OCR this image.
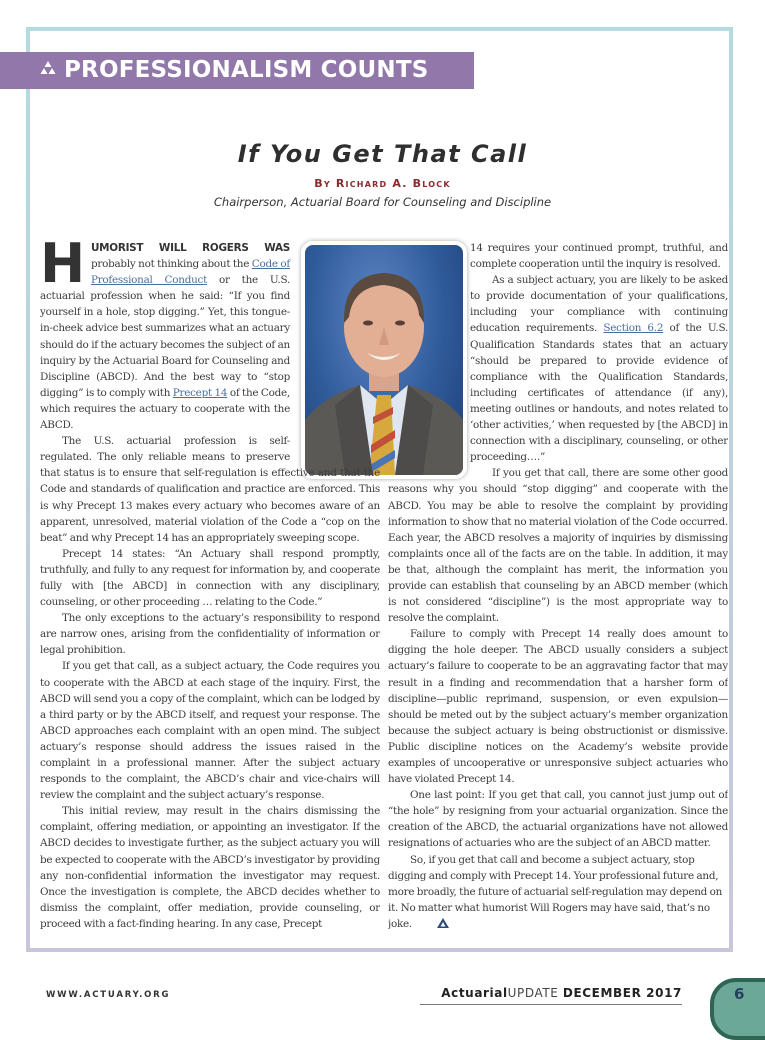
PROFESSIONALISM COUNTS
If You Get That Call
By Richard A. Block
Chairperson, Actuarial Board for Counseling and Discipline

HUMORIST WILL ROGERS WAS probably not thinking about the Code of Professional Conduct or the U.S. actuarial profession when he said: “If you find yourself in a hole, stop digging.” Yet, this tongue-in-cheek advice best summarizes what an actuary should do if the actuary becomes the subject of an inquiry by the Actuarial Board for Counseling and Discipline (ABCD). And the best way to “stop digging” is to comply with Precept 14 of the Code, which requires the actuary to cooperate with the ABCD.

The U.S. actuarial profession is self-regulated. The only reliable means to preserve that status is to ensure that self-regulation is effective and that the Code and standards of qualification and practice are enforced. This is why Precept 13 makes every actuary who becomes aware of an apparent, unresolved, material violation of the Code a “cop on the beat” and why Precept 14 has an appropriately sweeping scope.

Precept 14 states: “An Actuary shall respond promptly, truthfully, and fully to any request for information by, and cooperate fully with [the ABCD] in connection with any disciplinary, counseling, or other proceeding … relating to the Code.”

The only exceptions to the actuary’s responsibility to respond are narrow ones, arising from the confidentiality of information or legal prohibition.

If you get that call, as a subject actuary, the Code requires you to cooperate with the ABCD at each stage of the inquiry. First, the ABCD will send you a copy of the complaint, which can be lodged by a third party or by the ABCD itself, and request your response. The ABCD approaches each complaint with an open mind. The subject actuary’s response should address the issues raised in the complaint in a professional manner. After the subject actuary responds to the complaint, the ABCD’s chair and vice-chairs will review the complaint and the subject actuary’s response.

This initial review, may result in the chairs dismissing the complaint, offering mediation, or appointing an investigator. If the ABCD decides to investigate further, as the subject actuary you will be expected to cooperate with the ABCD’s investigator by providing any non-confidential information the investigator may request. Once the investigation is complete, the ABCD decides whether to dismiss the complaint, offer mediation, provide counseling, or proceed with a fact-finding hearing. In any case, Precept

14 requires your continued prompt, truthful, and complete cooperation until the inquiry is resolved.

As a subject actuary, you are likely to be asked to provide documentation of your qualifications, including your compliance with continuing education requirements. Section 6.2 of the U.S. Qualification Standards states that an actuary “should be prepared to provide evidence of compliance with the Qualification Standards, including certificates of attendance (if any), meeting outlines or handouts, and notes related to ‘other activities,’ when requested by [the ABCD] in connection with a disciplinary, counseling, or other proceeding….”

If you get that call, there are some other good reasons why you should “stop digging” and cooperate with the ABCD. You may be able to resolve the complaint by providing information to show that no material violation of the Code occurred. Each year, the ABCD resolves a majority of inquiries by dismissing complaints once all of the facts are on the table. In addition, it may be that, although the complaint has merit, the information you provide can establish that counseling by an ABCD member (which is not considered “discipline”) is the most appropriate way to resolve the complaint.

Failure to comply with Precept 14 really does amount to digging the hole deeper. The ABCD usually considers a subject actuary’s failure to cooperate to be an aggravating factor that may result in a finding and recommendation that a harsher form of discipline—public reprimand, suspension, or even expulsion—should be meted out by the subject actuary’s member organization because the subject actuary is being obstructionist or dismissive. Public discipline notices on the Academy’s website provide examples of uncooperative or unresponsive subject actuaries who have violated Precept 14.

One last point: If you get that call, you cannot just jump out of “the hole” by resigning from your actuarial organization. Since the creation of the ABCD, the actuarial organizations have not allowed resignations of actuaries who are the subject of an ABCD matter.

So, if you get that call and become a subject actuary, stop digging and comply with Precept 14. Your professional future and, more broadly, the future of actuarial self-regulation may depend on it. No matter what humorist Will Rogers may have said, that’s no joke.

WWW.ACTUARY.ORG	ActuarialUPDATE DECEMBER 2017	6
